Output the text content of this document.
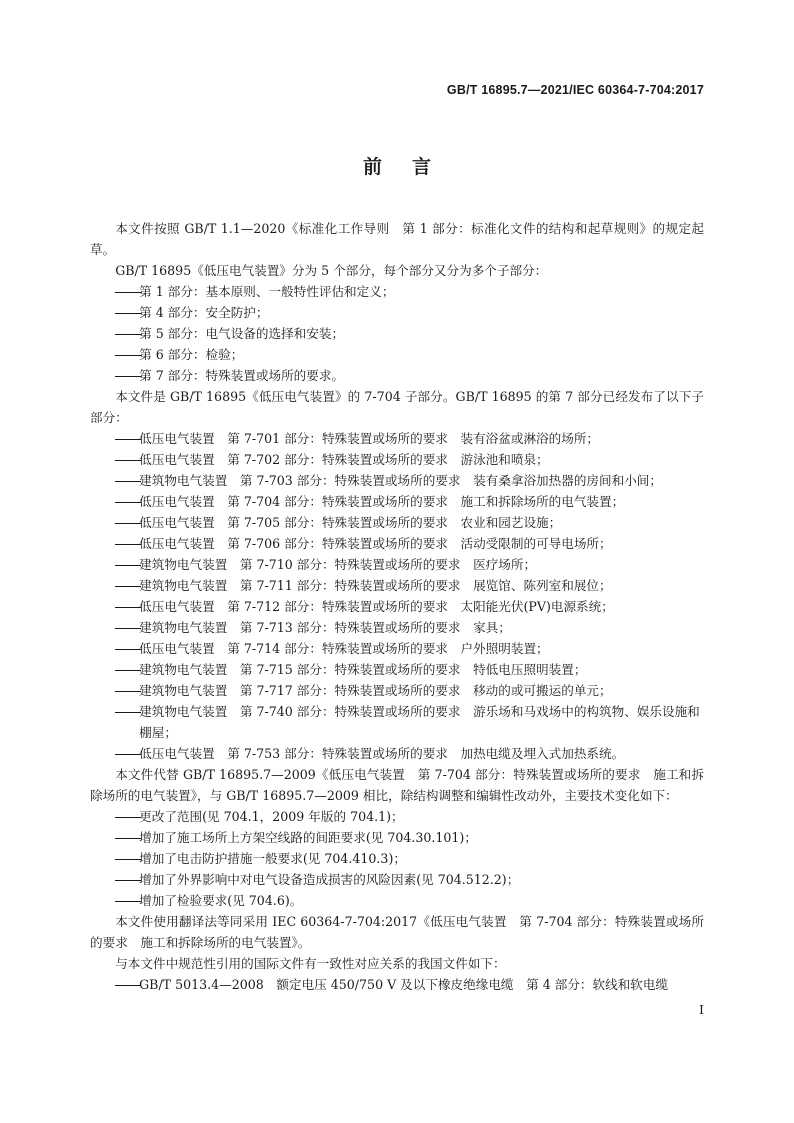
GB/T 16895.7—2021/IEC 60364-7-704:2017
前言

本文件按照 GB/T 1.1—2020《标准化工作导则　第 1 部分：标准化文件的结构和起草规则》的规定起草。

GB/T 16895《低压电气装置》分为 5 个部分，每个部分又分为多个子部分：

第 1 部分：基本原则、一般特性评估和定义；

第 4 部分：安全防护；

第 5 部分：电气设备的选择和安装；

第 6 部分：检验；

第 7 部分：特殊装置或场所的要求。

本文件是 GB/T 16895《低压电气装置》的 7-704 子部分。GB/T 16895 的第 7 部分已经发布了以下子部分：

低压电气装置　第 7-701 部分：特殊装置或场所的要求　装有浴盆或淋浴的场所；

低压电气装置　第 7-702 部分：特殊装置或场所的要求　游泳池和喷泉；

建筑物电气装置　第 7-703 部分：特殊装置或场所的要求　装有桑拿浴加热器的房间和小间；

低压电气装置　第 7-704 部分：特殊装置或场所的要求　施工和拆除场所的电气装置；

低压电气装置　第 7-705 部分：特殊装置或场所的要求　农业和园艺设施；

低压电气装置　第 7-706 部分：特殊装置或场所的要求　活动受限制的可导电场所；

建筑物电气装置　第 7-710 部分：特殊装置或场所的要求　医疗场所；

建筑物电气装置　第 7-711 部分：特殊装置或场所的要求　展览馆、陈列室和展位；

低压电气装置　第 7-712 部分：特殊装置或场所的要求　太阳能光伏(PV)电源系统；

建筑物电气装置　第 7-713 部分：特殊装置或场所的要求　家具；

低压电气装置　第 7-714 部分：特殊装置或场所的要求　户外照明装置；

建筑物电气装置　第 7-715 部分：特殊装置或场所的要求　特低电压照明装置；

建筑物电气装置　第 7-717 部分：特殊装置或场所的要求　移动的或可搬运的单元；

建筑物电气装置　第 7-740 部分：特殊装置或场所的要求　游乐场和马戏场中的构筑物、娱乐设施和棚屋；

低压电气装置　第 7-753 部分：特殊装置或场所的要求　加热电缆及埋入式加热系统。

本文件代替 GB/T 16895.7—2009《低压电气装置　第 7-704 部分：特殊装置或场所的要求　施工和拆除场所的电气装置》，与 GB/T 16895.7—2009 相比，除结构调整和编辑性改动外，主要技术变化如下：

更改了范围(见 704.1，2009 年版的 704.1)；

增加了施工场所上方架空线路的间距要求(见 704.30.101)；

增加了电击防护措施一般要求(见 704.410.3)；

增加了外界影响中对电气设备造成损害的风险因素(见 704.512.2)；

增加了检验要求(见 704.6)。

本文件使用翻译法等同采用 IEC 60364-7-704:2017《低压电气装置　第 7-704 部分：特殊装置或场所的要求　施工和拆除场所的电气装置》。

与本文件中规范性引用的国际文件有一致性对应关系的我国文件如下：

GB/T 5013.4—2008　额定电压 450/750 V 及以下橡皮绝缘电缆　第 4 部分：软线和软电缆

I
